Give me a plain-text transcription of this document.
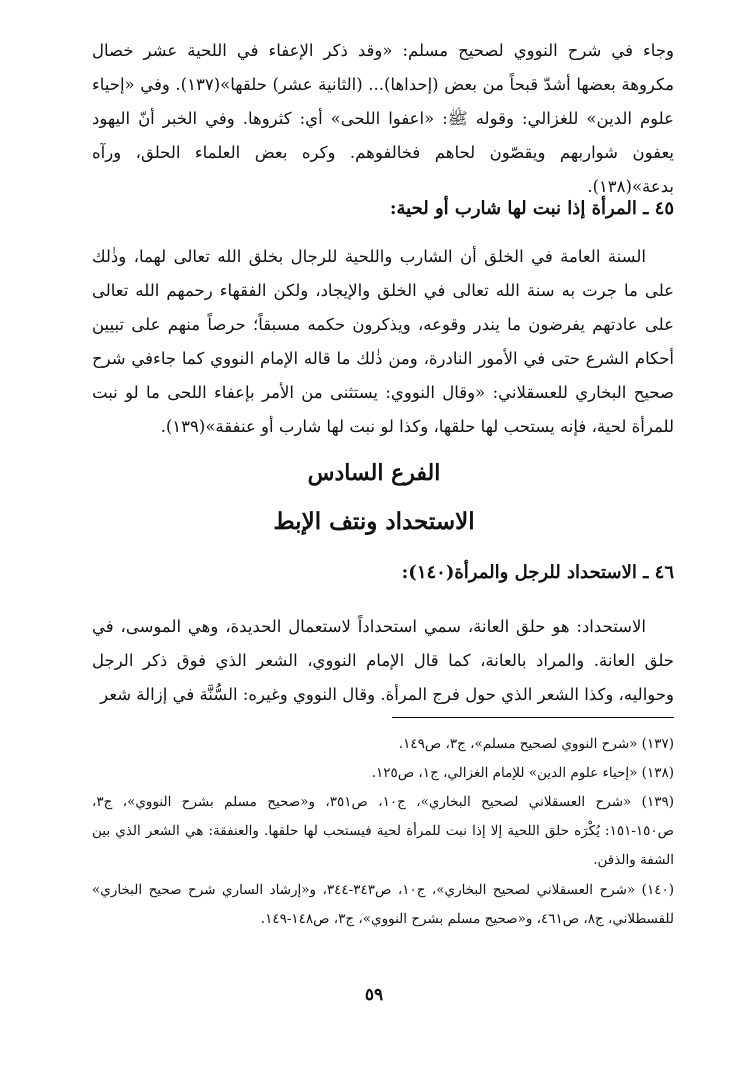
وجاء في شرح النووي لصحيح مسلم: «وقد ذكر الإعفاء في اللحية عشر خصال مكروهة بعضها أشدّ قبحاً من بعض (إحداها)... (الثانية عشر) حلقها»(١٣٧). وفي «إحياء علوم الدين» للغزالي: وقوله ﷺ: «اعفوا اللحى» أي: كثروها. وفي الخبر أنّ اليهود يعفون شواربهم ويقصّون لحاهم فخالفوهم. وكره بعض العلماء الحلق، ورآه بدعة»(١٣٨).

٤٥ ـ المرأة إذا نبت لها شارب أو لحية:

السنة العامة في الخلق أن الشارب واللحية للرجال بخلق الله تعالى لهما، وذٰلك على ما جرت به سنة الله تعالى في الخلق والإيجاد، ولكن الفقهاء رحمهم الله تعالى على عادتهم يفرضون ما يندر وقوعه، ويذكرون حكمه مسبقاً؛ حرصاً منهم على تبيين أحكام الشرع حتى في الأمور النادرة، ومن ذٰلك ما قاله الإمام النووي كما جاءفي شرح صحيح البخاري للعسقلاني: «وقال النووي: يستثنى من الأمر بإعفاء اللحى ما لو نبت للمرأة لحية، فإنه يستحب لها حلقها، وكذا لو نبت لها شارب أو عنفقة»(١٣٩).

الفرع السادس
الاستحداد ونتف الإبط
٤٦ ـ الاستحداد للرجل والمرأة(١٤٠):

الاستحداد: هو حلق العانة، سمي استحداداً لاستعمال الحديدة، وهي الموسى، في حلق العانة. والمراد بالعانة، كما قال الإمام النووي، الشعر الذي فوق ذكر الرجل وحواليه، وكذا الشعر الذي حول فرج المرأة. وقال النووي وغيره: السُّنَّة في إزالة شعر

(١٣٧) «شرح النووي لصحيح مسلم»، ج٣، ص١٤٩.

(١٣٨) «إحياء علوم الدين» للإمام الغزالي، ج١، ص١٢٥.

(١٣٩) «شرح العسقلاني لصحيح البخاري»، ج١٠، ص٣٥١، و«صحيح مسلم بشرح النووي»، ج٣، ص١٥٠-١٥١: يُكْرَه حلق اللحية إلا إذا نبت للمرأة لحية فيستحب لها حلقها. والعنفقة: هي الشعر الذي بين الشفة والذقن.

(١٤٠) «شرح العسقلاني لصحيح البخاري»، ج١٠، ص٣٤٣-٣٤٤، و«إرشاد الساري شرح صحيح البخاري» للقسطلاني، ج٨، ص٤٦١، و«صحيح مسلم بشرح النووي»، ج٣، ص١٤٨-١٤٩.

٥٩
